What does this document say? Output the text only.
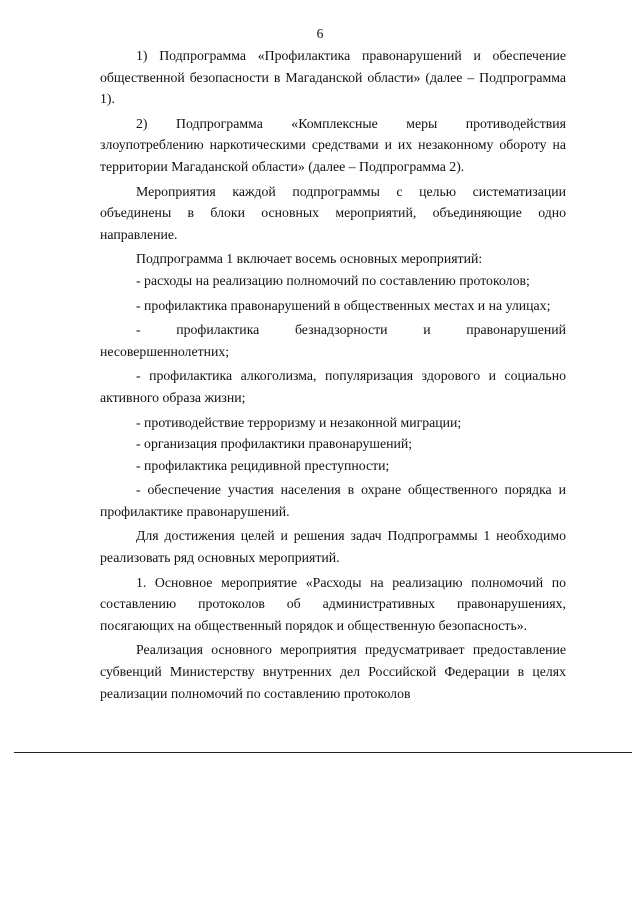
6

1) Подпрограмма «Профилактика правонарушений и обеспечение общественной безопасности в Магаданской области» (далее – Подпрограмма 1).

2) Подпрограмма «Комплексные меры противодействия злоупотреблению наркотическими средствами и их незаконному обороту на территории Магаданской области» (далее – Подпрограмма 2).

Мероприятия каждой подпрограммы с целью систематизации объединены в блоки основных мероприятий, объединяющие одно направление.

Подпрограмма 1 включает восемь основных мероприятий:

- расходы на реализацию полномочий по составлению протоколов;

- профилактика правонарушений в общественных местах и на улицах;

- профилактика безнадзорности и правонарушений несовершеннолетних;

- профилактика алкоголизма, популяризация здорового и социально активного образа жизни;

- противодействие терроризму и незаконной миграции;

- организация профилактики правонарушений;

- профилактика рецидивной преступности;

- обеспечение участия населения в охране общественного порядка и профилактике правонарушений.

Для достижения целей и решения задач Подпрограммы 1 необходимо реализовать ряд основных мероприятий.

1. Основное мероприятие «Расходы на реализацию полномочий по составлению протоколов об административных правонарушениях, посягающих на общественный порядок и общественную безопасность».

Реализация основного мероприятия предусматривает предоставление субвенций Министерству внутренних дел Российской Федерации в целях реализации полномочий по составлению протоколов
